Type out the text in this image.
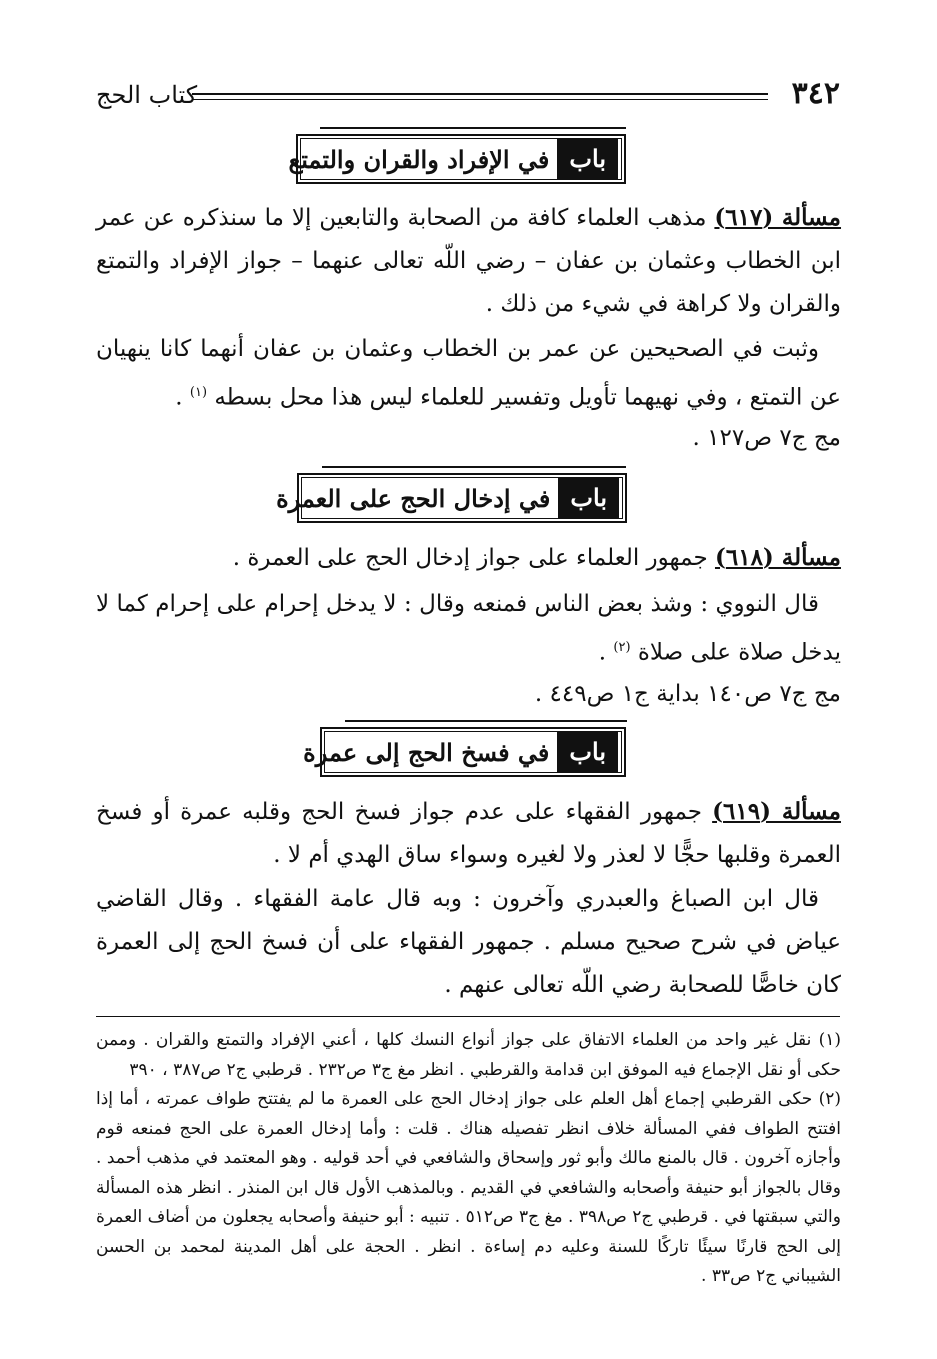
٣٤٢
كتاب الحج
باب
في الإفراد والقران والتمتع

مسألة (٦١٧) مذهب العلماء كافة من الصحابة والتابعين إلا ما سنذكره عن عمر ابن الخطاب وعثمان بن عفان – رضي اللّه تعالى عنهما – جواز الإفراد والتمتع والقران ولا كراهة في شيء من ذلك .

وثبت في الصحيحين عن عمر بن الخطاب وعثمان بن عفان أنهما كانا ينهيان عن التمتع ، وفي نهيهما تأويل وتفسير للعلماء ليس هذا محل بسطه $^{(١)}$ .

مج ج٧ ص١٢٧ .

باب
في إدخال الحج على العمرة

مسألة (٦١٨) جمهور العلماء على جواز إدخال الحج على العمرة .

قال النووي : وشذ بعض الناس فمنعه وقال : لا يدخل إحرام على إحرام كما لا يدخل صلاة على صلاة $^{(٢)}$ .

مج ج٧ ص١٤٠ بداية ج١ ص٤٤٩ .

باب
في فسخ الحج إلى عمرة

مسألة (٦١٩) جمهور الفقهاء على عدم جواز فسخ الحج وقلبه عمرة أو فسخ العمرة وقلبها حجًّا لا لعذر ولا لغيره وسواء ساق الهدي أم لا .

قال ابن الصباغ والعبدري وآخرون : وبه قال عامة الفقهاء . وقال القاضي عياض في شرح صحيح مسلم . جمهور الفقهاء على أن فسخ الحج إلى العمرة كان خاصًّا للصحابة رضي اللّه تعالى عنهم .

(١) نقل غير واحد من العلماء الاتفاق على جواز أنواع النسك كلها ، أعني الإفراد والتمتع والقران . وممن حكى أو نقل الإجماع فيه الموفق ابن قدامة والقرطبي . انظر مغ ج٣ ص٢٣٢ . قرطبي ج٢ ص٣٨٧ ، ٣٩٠

(٢) حكى القرطبي إجماع أهل العلم على جواز إدخال الحج على العمرة ما لم يفتتح طواف عمرته ، أما إذا افتتح الطواف ففي المسألة خلاف انظر تفصيله هناك . قلت : وأما إدخال العمرة على الحج فمنعه قوم وأجازه آخرون . قال بالمنع مالك وأبو ثور وإسحاق والشافعي في أحد قوليه . وهو المعتمد في مذهب أحمد . وقال بالجواز أبو حنيفة وأصحابه والشافعي في القديم . وبالمذهب الأول قال ابن المنذر . انظر هذه المسألة والتي سبقتها في . قرطبي ج٢ ص٣٩٨ . مغ ج٣ ص٥١٢ . تنبيه : أبو حنيفة وأصحابه يجعلون من أضاف العمرة إلى الحج قارنًا سيئًا تاركًا للسنة وعليه دم إساءة . انظر . الحجة على أهل المدينة لمحمد بن الحسن الشيباني ج٢ ص٣٣ .
